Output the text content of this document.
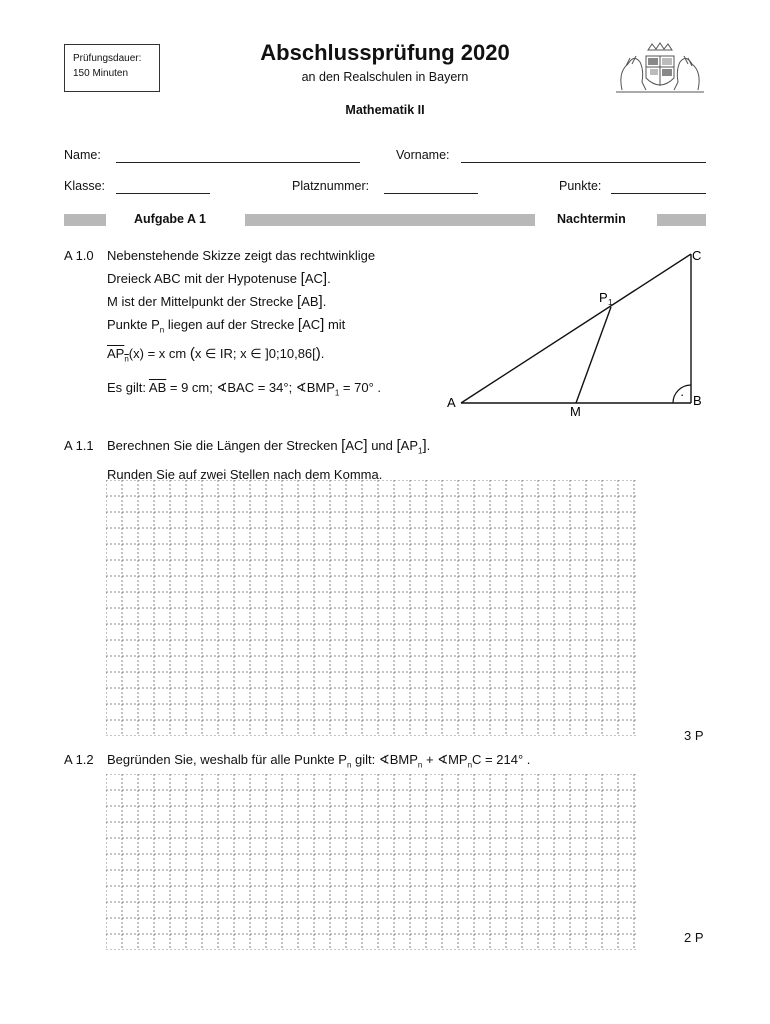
Prüfungsdauer:
150 Minuten
Abschlussprüfung 2020
an den Realschulen in Bayern
Mathematik II
Name:	Vorname:
Klasse:	Platznummer:	Punkte:
Aufgabe A 1	Nachtermin
A 1.0 Nebenstehende Skizze zeigt das rechtwinklige
Dreieck ABC mit der Hypotenuse [AC].
M ist der Mittelpunkt der Strecke [AB].
Punkte $P_n$ liegen auf der Strecke [AC] mit
$AP_n(x) = x$ cm (x ∈ IR; x ∈ ]0;10,86[).
Es gilt: $\overline{AB} = 9$ cm; ∢BAC = 34°; $∢BMP_1 = 70^\circ$ .	·
A	B
C
M
P 1
A 1.1 Berechnen Sie die Längen der Strecken [AC] und $[AP_1]$.
Runden Sie auf zwei Stellen nach dem Komma.
3 P
A 1.2 Begründen Sie, weshalb für alle Punkte $P_n$ gilt: $∢BMP_n$ + $∢MP_nC = 214^\circ$ .
2 P
